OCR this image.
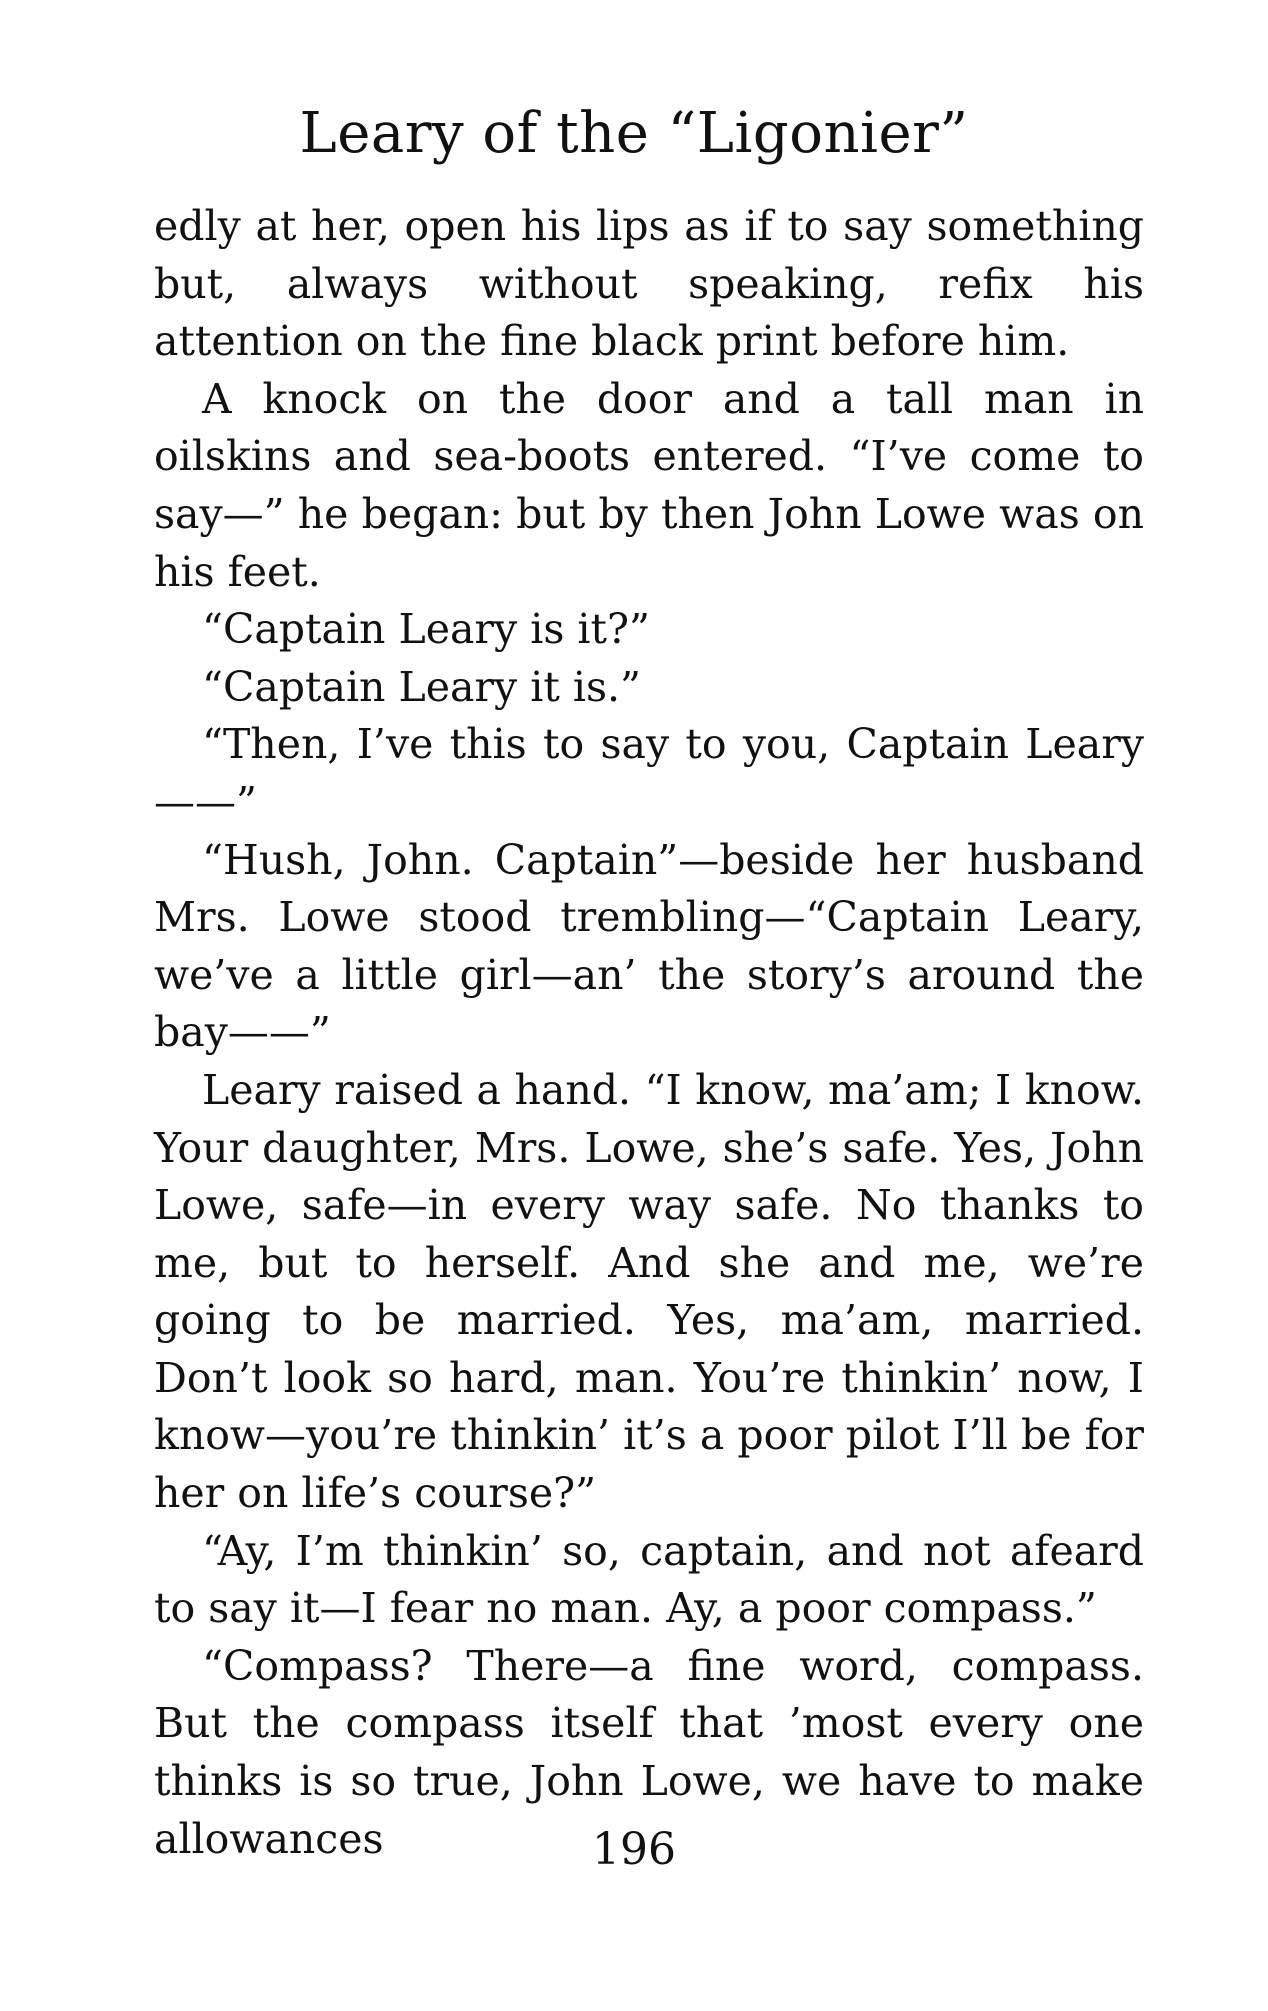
Leary of the “Ligonier”

edly at her, open his lips as if to say something but, always without speaking, refix his attention on the fine black print before him.

A knock on the door and a tall man in oilskins and sea-boots entered. “I’ve come to say—” he began: but by then John Lowe was on his feet.

“Captain Leary is it?”

“Captain Leary it is.”

“Then, I’ve this to say to you, Captain Leary——”

“Hush, John. Captain”—beside her husband Mrs. Lowe stood trembling—“Captain Leary, we’ve a little girl—an’ the story’s around the bay——”

Leary raised a hand. “I know, ma’am; I know. Your daughter, Mrs. Lowe, she’s safe. Yes, John Lowe, safe—in every way safe. No thanks to me, but to herself. And she and me, we’re going to be married. Yes, ma’am, married. Don’t look so hard, man. You’re thinkin’ now, I know—you’re thinkin’ it’s a poor pilot I’ll be for her on life’s course?”

“Ay, I’m thinkin’ so, captain, and not afeard to say it—I fear no man. Ay, a poor compass.”

“Compass? There—a fine word, compass. But the compass itself that ’most every one thinks is so true, John Lowe, we have to make allowances	196
